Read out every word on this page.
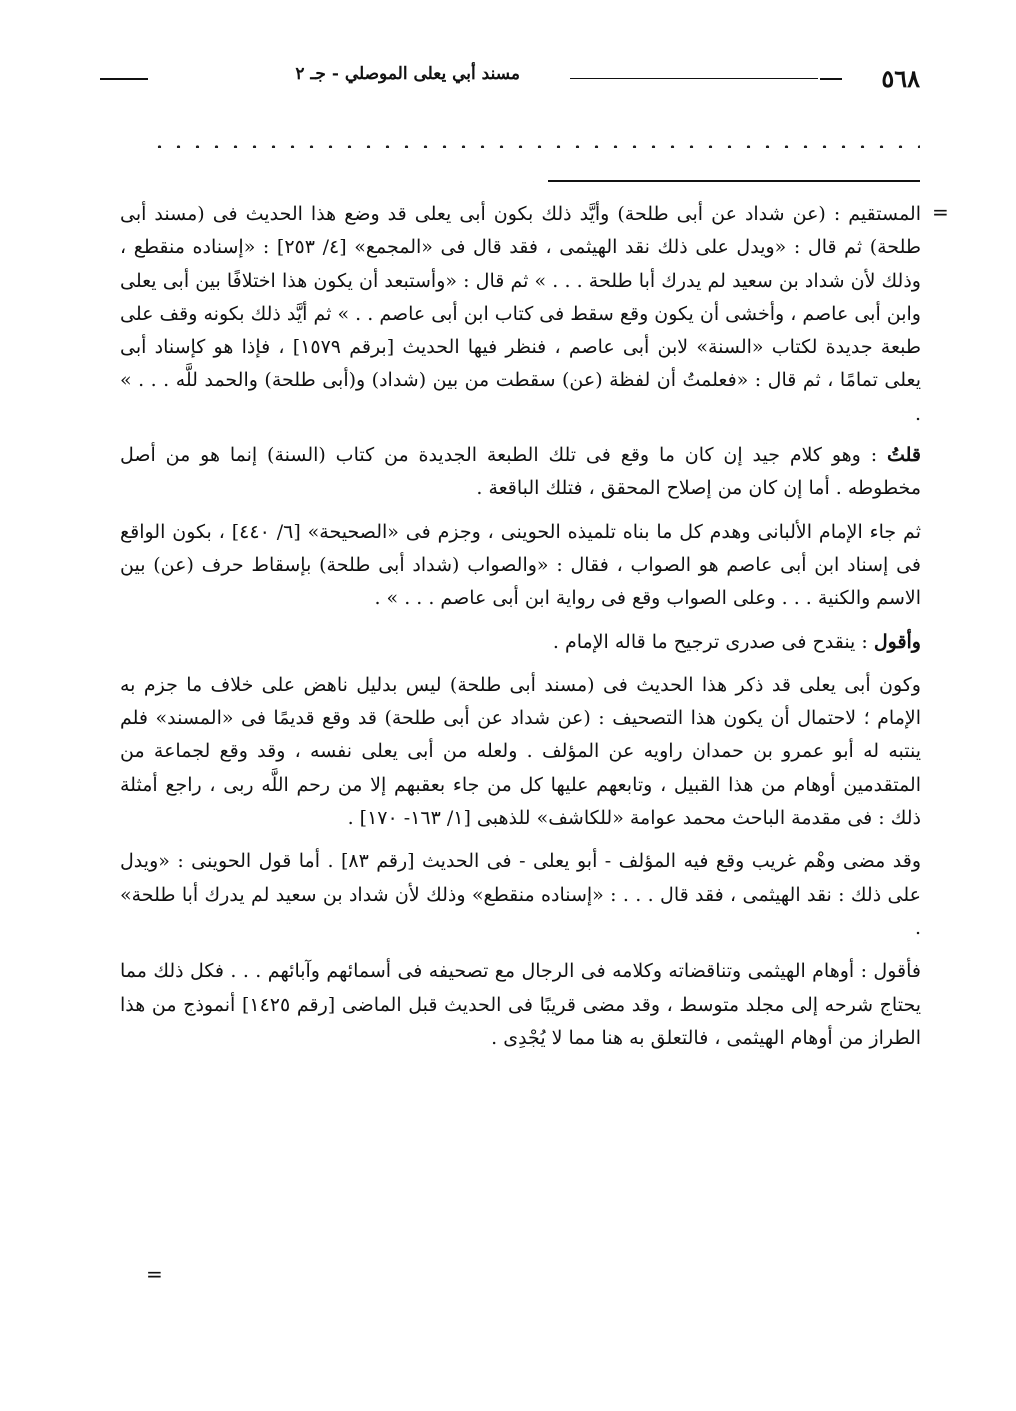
٥٦٨
مسند أبي يعلى الموصلي - جـ ٢
=

المستقيم : (عن شداد عن أبى طلحة) وأيَّد ذلك بكون أبى يعلى قد وضع هذا الحديث فى (مسند أبى طلحة) ثم قال : «ويدل على ذلك نقد الهيثمى ، فقد قال فى «المجمع» [٤/ ٢٥٣] : «إسناده منقطع ، وذلك لأن شداد بن سعيد لم يدرك أبا طلحة . . . » ثم قال : «وأستبعد أن يكون هذا اختلافًا بين أبى يعلى وابن أبى عاصم ، وأخشى أن يكون وقع سقط فى كتاب ابن أبى عاصم . . » ثم أيَّد ذلك بكونه وقف على طبعة جديدة لكتاب «السنة» لابن أبى عاصم ، فنظر فيها الحديث [برقم ١٥٧٩] ، فإذا هو كإسناد أبى يعلى تمامًا ، ثم قال : «فعلمتُ أن لفظة (عن) سقطت من بين (شداد) و(أبى طلحة) والحمد للَّه . . . » .

قلتُ : وهو كلام جيد إن كان ما وقع فى تلك الطبعة الجديدة من كتاب (السنة) إنما هو من أصل مخطوطه . أما إن كان من إصلاح المحقق ، فتلك الباقعة .

ثم جاء الإمام الألبانى وهدم كل ما بناه تلميذه الحوينى ، وجزم فى «الصحيحة» [٦/ ٤٤٠] ، بكون الواقع فى إسناد ابن أبى عاصم هو الصواب ، فقال : «والصواب (شداد أبى طلحة) بإسقاط حرف (عن) بين الاسم والكنية . . . وعلى الصواب وقع فى رواية ابن أبى عاصم . . . » .

وأقول : ينقدح فى صدرى ترجيح ما قاله الإمام .

وكون أبى يعلى قد ذكر هذا الحديث فى (مسند أبى طلحة) ليس بدليل ناهض على خلاف ما جزم به الإمام ؛ لاحتمال أن يكون هذا التصحيف : (عن شداد عن أبى طلحة) قد وقع قديمًا فى «المسند» فلم ينتبه له أبو عمرو بن حمدان راويه عن المؤلف . ولعله من أبى يعلى نفسه ، وقد وقع لجماعة من المتقدمين أوهام من هذا القبيل ، وتابعهم عليها كل من جاء بعقبهم إلا من رحم اللَّه ربى ، راجع أمثلة ذلك : فى مقدمة الباحث محمد عوامة «للكاشف» للذهبى [١/ ١٦٣- ١٧٠] .

وقد مضى وهْم غريب وقع فيه المؤلف - أبو يعلى - فى الحديث [رقم ٨٣] . أما قول الحوينى : «ويدل على ذلك : نقد الهيثمى ، فقد قال . . . : «إسناده منقطع» وذلك لأن شداد بن سعيد لم يدرك أبا طلحة» .

فأقول : أوهام الهيثمى وتناقضاته وكلامه فى الرجال مع تصحيفه فى أسمائهم وآبائهم . . . فكل ذلك مما يحتاج شرحه إلى مجلد متوسط ، وقد مضى قريبًا فى الحديث قبل الماضى [رقم ١٤٢٥] أنموذج من هذا الطراز من أوهام الهيثمى ، فالتعلق به هنا مما لا يُجْدِى .

=
